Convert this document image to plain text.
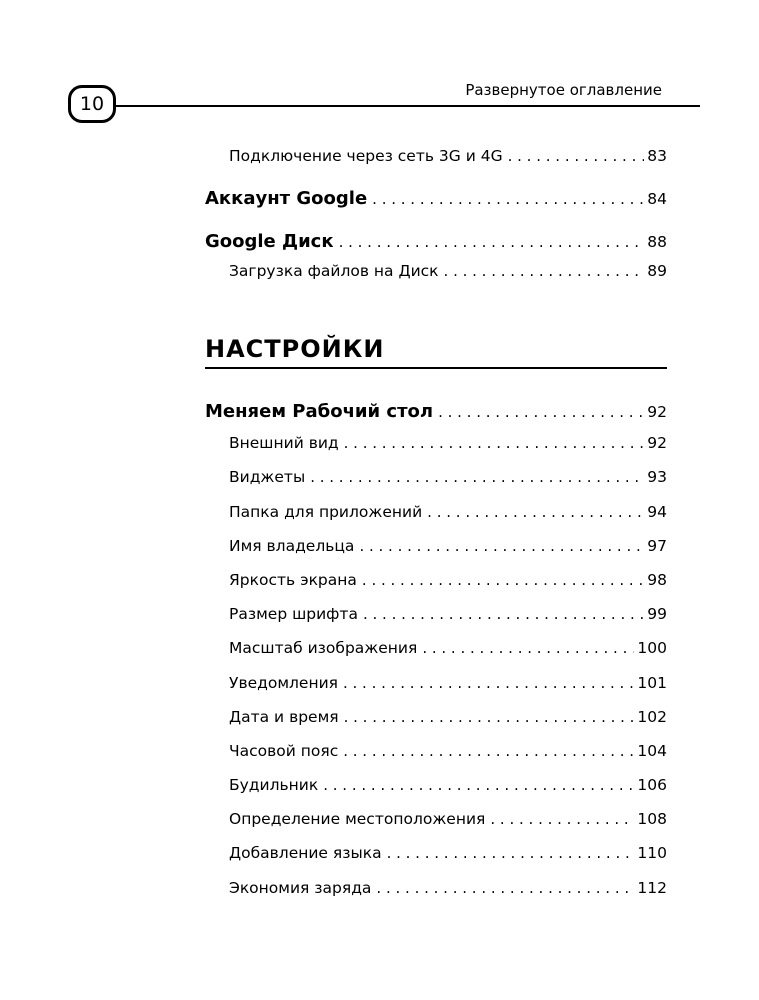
10
Развернутое оглавление
НАСТРОЙКИ
Подключение через сеть 3G и 4G . . .	83
Аккаунт Google . . .	84
Google Диск . . .	88
Загрузка файлов на Диск . . .	89
Меняем Рабочий стол . . .	92
Внешний вид . . .	92
Виджеты . . .	93
Папка для приложений . . .	94
Имя владельца . . .	97
Яркость экрана . . .	98
Размер шрифта . . .	99
Масштаб изображения . . .	100
Уведомления . . .	101
Дата и время . . .	102
Часовой пояс . . .	104
Будильник . . .	106
Определение местоположения . . .	108
Добавление языка . . .	110
Экономия заряда . . .	112
